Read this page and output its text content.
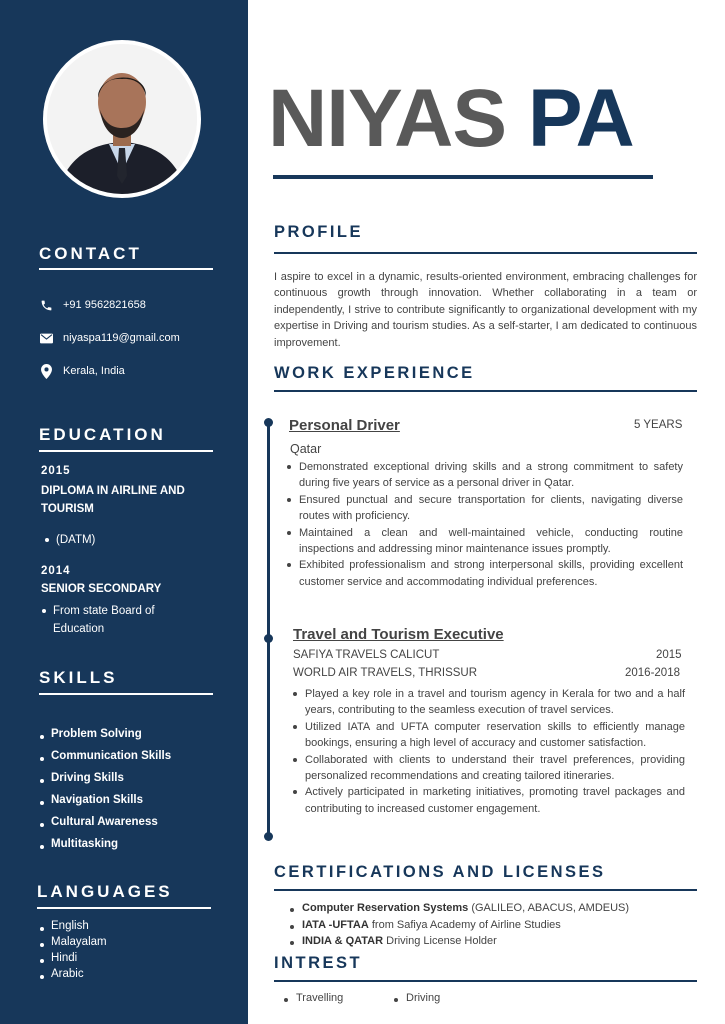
CONTACT
+91 9562821658
niyaspa119@gmail.com
Kerala, India
EDUCATION
2015
DIPLOMA IN AIRLINE AND TOURISM
(DATM)
2014
SENIOR SECONDARY
From state Board of Education
SKILLS
Problem Solving
Communication Skills
Driving Skills
Navigation Skills
Cultural Awareness
Multitasking
LANGUAGES
English
Malayalam
Hindi
Arabic
NIYAS PA
PROFILE
I aspire to excel in a dynamic, results-oriented environment, embracing challenges for continuous growth through innovation. Whether collaborating in a team or independently, I strive to contribute significantly to organizational development with my expertise in Driving and tourism studies. As a self-starter, I am dedicated to continuous improvement.
WORK EXPERIENCE
Personal Driver	5 YEARS
Qatar
Demonstrated exceptional driving skills and a strong commitment to safety during five years of service as a personal driver in Qatar.
Ensured punctual and secure transportation for clients, navigating diverse routes with proficiency.
Maintained a clean and well-maintained vehicle, conducting routine inspections and addressing minor maintenance issues promptly.
Exhibited professionalism and strong interpersonal skills, providing excellent customer service and accommodating individual preferences.
Travel and Tourism Executive
SAFIYA TRAVELS CALICUT	2015
WORLD AIR TRAVELS, THRISSUR	2016-2018
Played a key role in a travel and tourism agency in Kerala for two and a half years, contributing to the seamless execution of travel services.
Utilized IATA and UFTA computer reservation skills to efficiently manage bookings, ensuring a high level of accuracy and customer satisfaction.
Collaborated with clients to understand their travel preferences, providing personalized recommendations and creating tailored itineraries.
Actively participated in marketing initiatives, promoting travel packages and contributing to increased customer engagement.
CERTIFICATIONS AND LICENSES
Computer Reservation Systems (GALILEO, ABACUS, AMDEUS)
IATA -UFTAA from Safiya Academy of Airline Studies
INDIA & QATAR Driving License Holder
INTREST
Travelling	Driving
